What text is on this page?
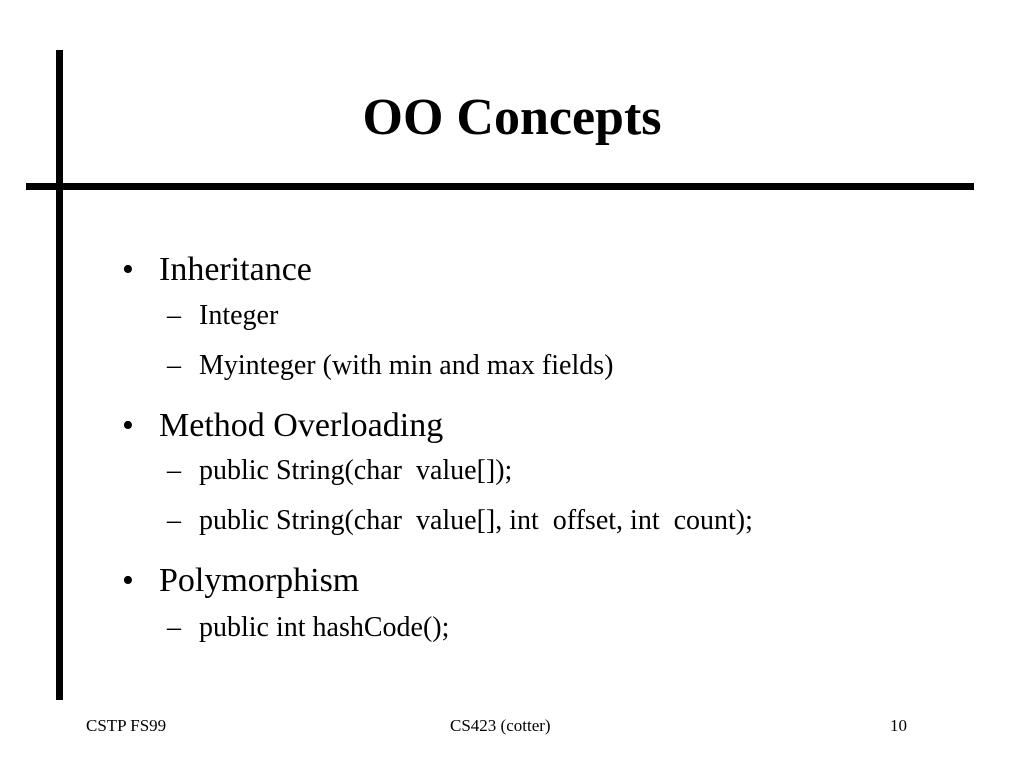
OO Concepts

• Inheritance

– Integer

– Myinteger (with min and max fields)

• Method Overloading

– public String(char  value[]);

– public String(char  value[], int  offset, int  count);

• Polymorphism

– public int hashCode();

CSTP FS99	CS423 (cotter)	10
